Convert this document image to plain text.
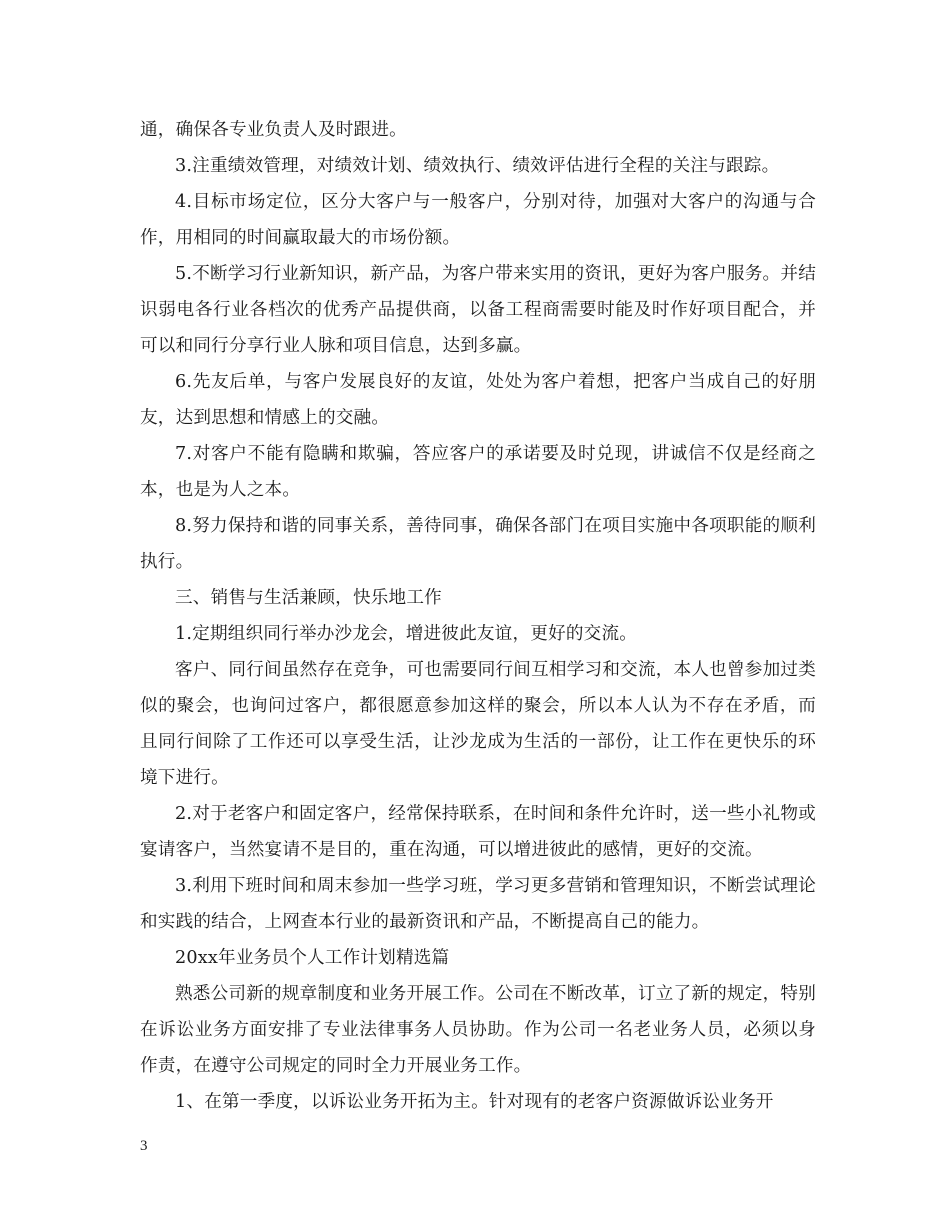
通，确保各专业负责人及时跟进。

3.注重绩效管理，对绩效计划、绩效执行、绩效评估进行全程的关注与跟踪。

4.目标市场定位，区分大客户与一般客户，分别对待，加强对大客户的沟通与合作，用相同的时间赢取最大的市场份额。

5.不断学习行业新知识，新产品，为客户带来实用的资讯，更好为客户服务。并结识弱电各行业各档次的优秀产品提供商，以备工程商需要时能及时作好项目配合，并可以和同行分享行业人脉和项目信息，达到多赢。

6.先友后单，与客户发展良好的友谊，处处为客户着想，把客户当成自己的好朋友，达到思想和情感上的交融。

7.对客户不能有隐瞒和欺骗，答应客户的承诺要及时兑现，讲诚信不仅是经商之本，也是为人之本。

8.努力保持和谐的同事关系，善待同事，确保各部门在项目实施中各项职能的顺利执行。

三、销售与生活兼顾，快乐地工作

1.定期组织同行举办沙龙会，增进彼此友谊，更好的交流。

客户、同行间虽然存在竞争，可也需要同行间互相学习和交流，本人也曾参加过类似的聚会，也询问过客户，都很愿意参加这样的聚会，所以本人认为不存在矛盾，而且同行间除了工作还可以享受生活，让沙龙成为生活的一部份，让工作在更快乐的环境下进行。

2.对于老客户和固定客户，经常保持联系，在时间和条件允许时，送一些小礼物或宴请客户，当然宴请不是目的，重在沟通，可以增进彼此的感情，更好的交流。

3.利用下班时间和周末参加一些学习班，学习更多营销和管理知识，不断尝试理论和实践的结合，上网查本行业的最新资讯和产品，不断提高自己的能力。

20xx年业务员个人工作计划精选篇

熟悉公司新的规章制度和业务开展工作。公司在不断改革，订立了新的规定，特别在诉讼业务方面安排了专业法律事务人员协助。作为公司一名老业务人员，必须以身作责，在遵守公司规定的同时全力开展业务工作。

1、在第一季度，以诉讼业务开拓为主。针对现有的老客户资源做诉讼业务开

3
